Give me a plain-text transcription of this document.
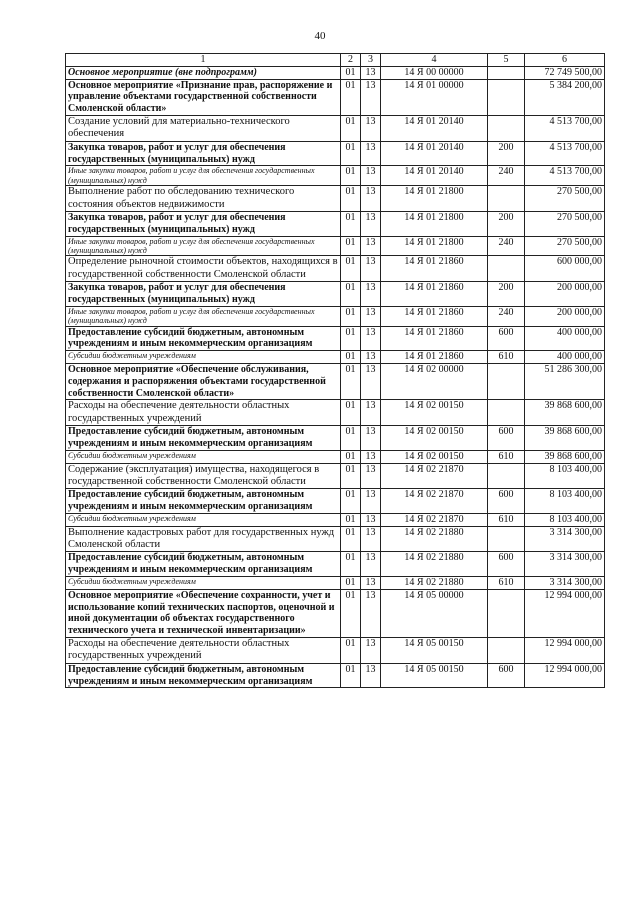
40
1	2	3	4	5	6
Основное мероприятие (вне подпрограмм)	01	13	14 Я 00 00000		72 749 500,00
Основное мероприятие «Признание прав, распоряжение и управление объектами государственной собственности Смоленской области»	01	13	14 Я 01 00000		5 384 200,00
Создание условий для материально-технического обеспечения	01	13	14 Я 01 20140		4 513 700,00
Закупка товаров, работ и услуг для обеспечения государственных (муниципальных) нужд	01	13	14 Я 01 20140	200	4 513 700,00
Иные закупки товаров, работ и услуг для обеспечения государственных (муниципальных) нужд	01	13	14 Я 01 20140	240	4 513 700,00
Выполнение работ по обследованию технического состояния объектов недвижимости	01	13	14 Я 01 21800		270 500,00
Закупка товаров, работ и услуг для обеспечения государственных (муниципальных) нужд	01	13	14 Я 01 21800	200	270 500,00
Иные закупки товаров, работ и услуг для обеспечения государственных (муниципальных) нужд	01	13	14 Я 01 21800	240	270 500,00
Определение рыночной стоимости объектов, находящихся в государственной собственности Смоленской области	01	13	14 Я 01 21860		600 000,00
Закупка товаров, работ и услуг для обеспечения государственных (муниципальных) нужд	01	13	14 Я 01 21860	200	200 000,00
Иные закупки товаров, работ и услуг для обеспечения государственных (муниципальных) нужд	01	13	14 Я 01 21860	240	200 000,00
Предоставление субсидий бюджетным, автономным учреждениям и иным некоммерческим организациям	01	13	14 Я 01 21860	600	400 000,00
Субсидии бюджетным учреждениям	01	13	14 Я 01 21860	610	400 000,00
Основное мероприятие «Обеспечение обслуживания, содержания и распоряжения объектами государственной собственности Смоленской области»	01	13	14 Я 02 00000		51 286 300,00
Расходы на обеспечение деятельности областных государственных учреждений	01	13	14 Я 02 00150		39 868 600,00
Предоставление субсидий бюджетным, автономным учреждениям и иным некоммерческим организациям	01	13	14 Я 02 00150	600	39 868 600,00
Субсидии бюджетным учреждениям	01	13	14 Я 02 00150	610	39 868 600,00
Содержание (эксплуатация) имущества, находящегося в государственной собственности Смоленской области	01	13	14 Я 02 21870		8 103 400,00
Предоставление субсидий бюджетным, автономным учреждениям и иным некоммерческим организациям	01	13	14 Я 02 21870	600	8 103 400,00
Субсидии бюджетным учреждениям	01	13	14 Я 02 21870	610	8 103 400,00
Выполнение кадастровых работ для государственных нужд Смоленской области	01	13	14 Я 02 21880		3 314 300,00
Предоставление субсидий бюджетным, автономным учреждениям и иным некоммерческим организациям	01	13	14 Я 02 21880	600	3 314 300,00
Субсидии бюджетным учреждениям	01	13	14 Я 02 21880	610	3 314 300,00
Основное мероприятие «Обеспечение сохранности, учет и использование копий технических паспортов, оценочной и иной документации об объектах государственного технического учета и технической инвентаризации»	01	13	14 Я 05 00000		12 994 000,00
Расходы на обеспечение деятельности областных государственных учреждений	01	13	14 Я 05 00150		12 994 000,00
Предоставление субсидий бюджетным, автономным учреждениям и иным некоммерческим организациям	01	13	14 Я 05 00150	600	12 994 000,00
